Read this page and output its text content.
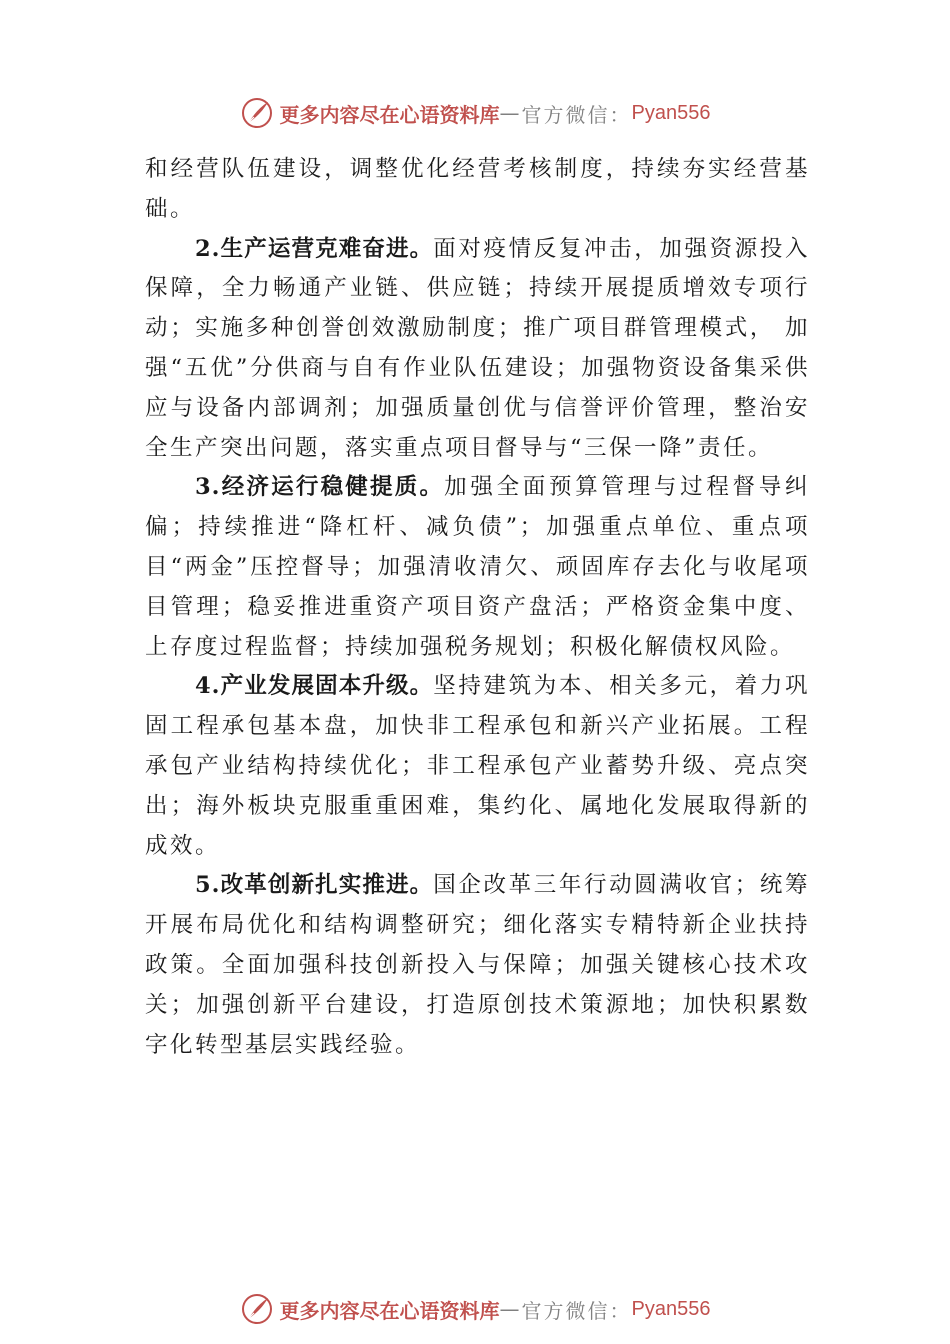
更多内容尽在心语资料库 — 官方微信： Pyan556

和经营队伍建设，调整优化经营考核制度，持续夯实经营基础。

2.生产运营克难奋进。面对疫情反复冲击，加强资源投入保障，全力畅通产业链、供应链；持续开展提质增效专项行动；实施多种创誉创效激励制度；推广项目群管理模式， 加强“五优”分供商与自有作业队伍建设；加强物资设备集采供应与设备内部调剂；加强质量创优与信誉评价管理，整治安全生产突出问题，落实重点项目督导与“三保一降”责任。

3.经济运行稳健提质。加强全面预算管理与过程督导纠偏；持续推进“降杠杆、减负债”；加强重点单位、重点项目“两金”压控督导；加强清收清欠、顽固库存去化与收尾项目管理；稳妥推进重资产项目资产盘活；严格资金集中度、 上存度过程监督；持续加强税务规划；积极化解债权风险。

4.产业发展固本升级。坚持建筑为本、相关多元，着力巩固工程承包基本盘，加快非工程承包和新兴产业拓展。工程承包产业结构持续优化；非工程承包产业蓄势升级、亮点突出；海外板块克服重重困难，集约化、属地化发展取得新的成效。

5.改革创新扎实推进。国企改革三年行动圆满收官；统筹开展布局优化和结构调整研究；细化落实专精特新企业扶持政策。全面加强科技创新投入与保障；加强关键核心技术攻关；加强创新平台建设，打造原创技术策源地；加快积累数字化转型基层实践经验。

更多内容尽在心语资料库 — 官方微信： Pyan556
